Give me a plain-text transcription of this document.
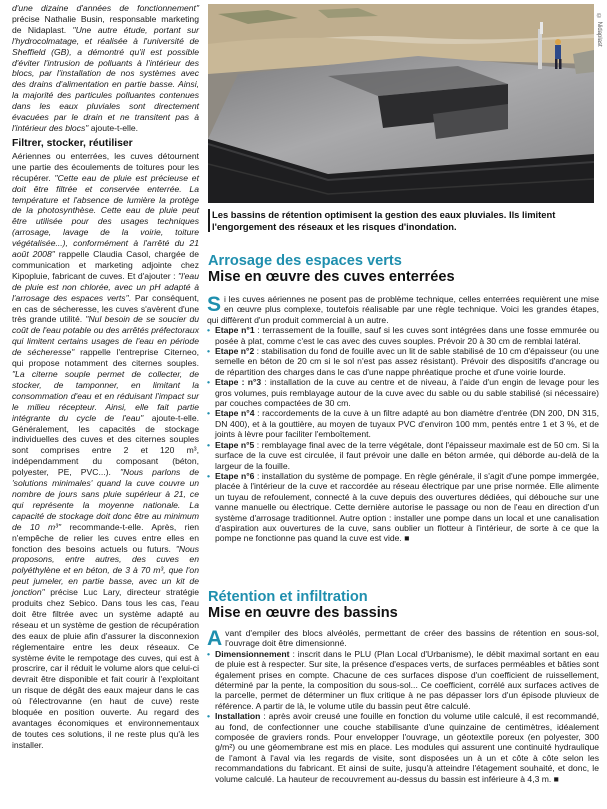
d'une dizaine d'années de fonctionnement" précise Nathalie Busin, responsable marketing de Nidaplast. "Une autre étude, portant sur l'hydrocolmatage, et réalisée à l'université de Sheffield (GB), a démontré qu'il est possible d'éviter l'intrusion de polluants à l'intérieur des blocs, par l'installation de nos systèmes avec des drains d'alimentation en partie basse. Ainsi, la majorité des particules polluantes contenues dans les eaux pluviales sont directement évacuées par le drain et ne transitent pas à l'intérieur des blocs" ajoute-t-elle.

Filtrer, stocker, réutiliser

Aériennes ou enterrées, les cuves détournent une partie des écoulements de toitures pour les récupérer. "Cette eau de pluie est précieuse et doit être filtrée et conservée enterrée. La température et l'absence de lumière la protège de la photosynthèse. Cette eau de pluie peut être utilisée pour des usages techniques (arrosage, lavage de la voirie, toiture végétalisée...), conformément à l'arrêté du 21 août 2008" rappelle Claudia Casol, chargée de communication et marketing adjointe chez Kipopluie, fabricant de cuves. Et d'ajouter : "l'eau de pluie est non chlorée, avec un pH adapté à l'arrosage des espaces verts". Par conséquent, en cas de sécheresse, les cuves s'avèrent d'une très grande utilité. "Nul besoin de se soucier du coût de l'eau potable ou des arrêtés préfectoraux qui limitent certains usages de l'eau en période de sécheresse" rappelle l'entreprise Citerneo, qui propose notamment des citernes souples. "La citerne souple permet de collecter, de stocker, de tamponner, en limitant la consommation d'eau et en réduisant l'impact sur le milieu récepteur. Ainsi, elle fait partie intégrante du cycle de l'eau" ajoute-t-elle. Généralement, les capacités de stockage individuelles des cuves et des citernes souples sont comprises entre 2 et 120 m³, indépendamment du composant (béton, polyester, PE, PVC...). "Nous parlons de 'solutions minimales' quand la cuve couvre un nombre de jours sans pluie supérieur à 21, ce qui représente la moyenne nationale. La capacité de stockage doit donc être au minimum de 10 m³" recommande-t-elle. Après, rien n'empêche de relier les cuves entre elles en fonction des besoins actuels ou futurs. "Nous proposons, entre autres, des cuves en polyéthylène et en béton, de 3 à 70 m³, que l'on peut jumeler, en partie basse, avec un kit de jonction" précise Luc Lary, directeur stratégie produits chez Sebico. Dans tous les cas, l'eau doit être filtrée avec un système adapté au réseau et un système de gestion de récupération des eaux de pluie afin d'assurer la disconnexion réglementaire entre les deux réseaux. Ce système évite le rempotage des cuves, qui est à proscrire, car il réduit le volume alors que celui-ci devrait être disponible et fait courir à l'exploitant un risque de dégât des eaux majeur dans le cas où l'électrovanne (en haut de cuve) reste bloquée en position ouverte. Au regard des avantages économiques et environnementaux de toutes ces solutions, il ne reste plus qu'à les installer.

© Nidaplast
Les bassins de rétention optimisent la gestion des eaux pluviales. Ils limitent l'engorgement des réseaux et les risques d'inondation.
Arrosage des espaces verts
Mise en œuvre des cuves enterrées

Si les cuves aériennes ne posent pas de problème technique, celles enterrées requièrent une mise en œuvre plus complexe, toutefois réalisable par une règle technique. Voici les grandes étapes, qui diffèrent d'un produit commercial à un autre.

• Etape n°1 : terrassement de la fouille, sauf si les cuves sont intégrées dans une fosse emmurée ou posée à plat, comme c'est le cas avec des cuves souples. Prévoir 20 à 30 cm de remblai latéral.
• Etape n°2 : stabilisation du fond de fouille avec un lit de sable stabilisé de 10 cm d'épaisseur (ou une semelle en béton de 20 cm si le sol n'est pas assez résistant). Prévoir des dispositifs d'ancrage ou de répartition des charges dans le cas d'une nappe phréatique proche et d'une voirie lourde.
• Etape : n°3 : installation de la cuve au centre et de niveau, à l'aide d'un engin de levage pour les gros volumes, puis remblayage autour de la cuve avec du sable ou du sable stabilisé (si nécessaire) par couches compactées de 30 cm.
• Etape n°4 : raccordements de la cuve à un filtre adapté au bon diamètre d'entrée (DN 200, DN 315, DN 400), et à la gouttière, au moyen de tuyaux PVC d'environ 100 mm, pentés entre 1 et 3 %, et de joints à lèvre pour faciliter l'emboîtement.
• Etape n°5 : remblayage final avec de la terre végétale, dont l'épaisseur maximale est de 50 cm. Si la surface de la cuve est circulée, il faut prévoir une dalle en béton armée, qui déborde au-delà de la largeur de la fouille.
• Etape n°6 : installation du système de pompage. En règle générale, il s'agit d'une pompe immergée, placée à l'intérieur de la cuve et raccordée au réseau électrique par une prise normée. Elle alimente un tuyau de refoulement, connecté à la cuve depuis des ouvertures dédiées, qui débouche sur une vanne manuelle ou électrique. Cette dernière autorise le passage ou non de l'eau en direction d'un système d'arrosage traditionnel. Autre option : installer une pompe dans un local et une canalisation d'aspiration aux ouvertures de la cuve, sans oublier un flotteur à l'intérieur, de sorte à ce que la pompe ne fonctionne pas quand la cuve est vide. ■
Rétention et infiltration
Mise en œuvre des bassins

Avant d'empiler des blocs alvéolés, permettant de créer des bassins de rétention en sous-sol, l'ouvrage doit être dimensionné.

• Dimensionnement : inscrit dans le PLU (Plan Local d'Urbanisme), le débit maximal sortant en eau de pluie est à respecter. Sur site, la présence d'espaces verts, de surfaces perméables et bâties sont également prises en compte. Chacune de ces surfaces dispose d'un coefficient de ruissellement, déterminé par la pente, la composition du sous-sol... Ce coefficient, corrélé aux surfaces actives de la parcelle, permet de déterminer un flux critique à ne pas dépasser lors d'un épisode pluvieux de référence. A partir de là, le volume utile du bassin peut être calculé.
• Installation : après avoir creusé une fouille en fonction du volume utile calculé, il est recommandé, au fond, de confectionner une couche stabilisante d'une quinzaine de centimètres, idéalement composée de graviers ronds. Pour envelopper l'ouvrage, un géotextile poreux (en polyester, 300 g/m²) ou une géomembrane est mis en place. Les modules qui assurent une continuité hydraulique de l'amont à l'aval via les regards de visite, sont disposées un à un et côte à côte selon les recommandations du fabricant. Et ainsi de suite, jusqu'à atteindre l'étagement souhaité, et donc, le volume calculé. La hauteur de recouvrement au-dessus du bassin est inférieure à 4,3 m. ■
